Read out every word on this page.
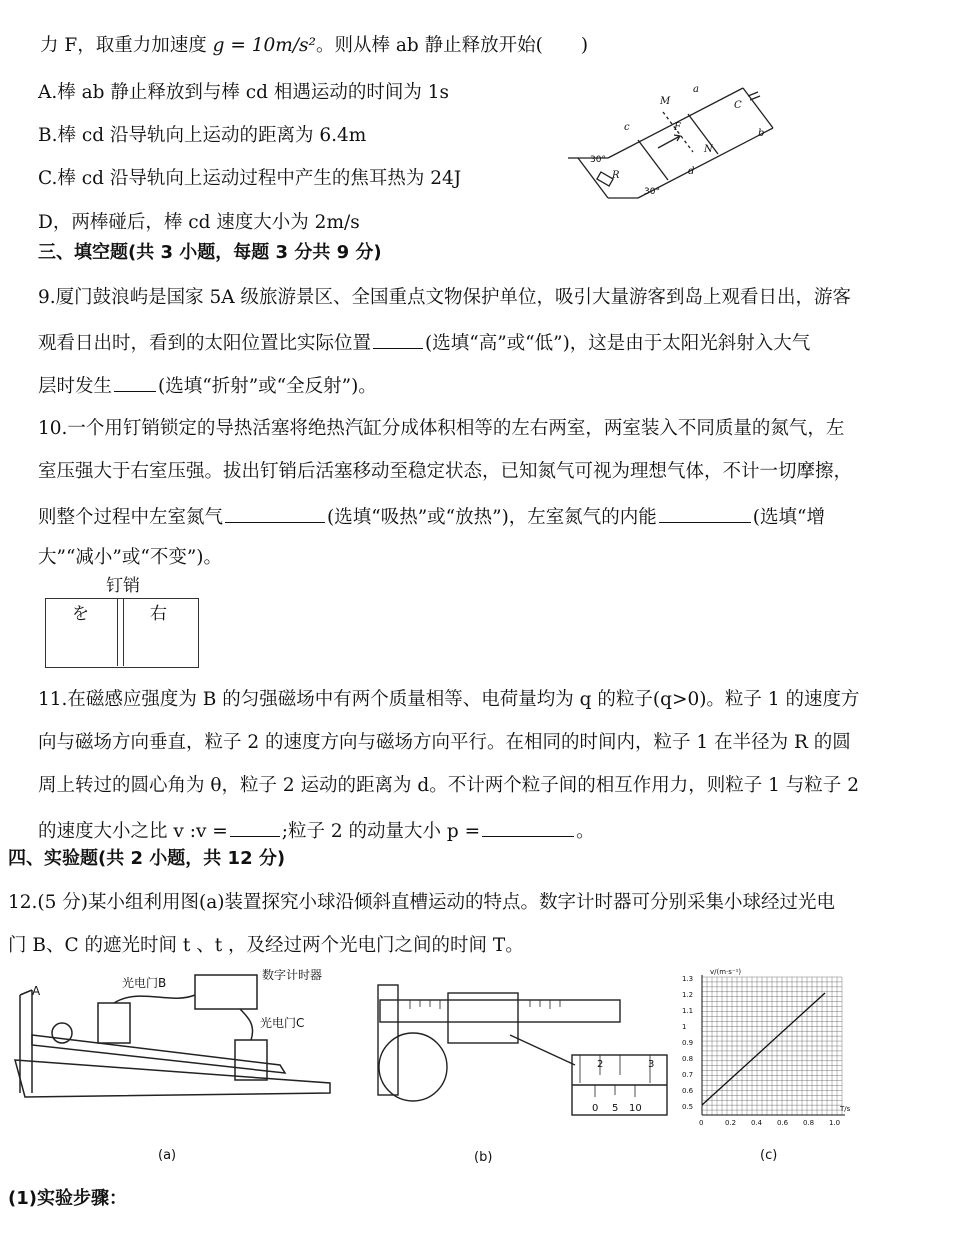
力 F，取重力加速度 g = 10m/s²。则从棒 ab 静止释放开始( )
A.棒 ab 静止释放到与棒 cd 相遇运动的时间为 1s
B.棒 cd 沿导轨向上运动的距离为 6.4m
C.棒 cd 沿导轨向上运动过程中产生的焦耳热为 24J
D，两棒碰后，棒 cd 速度大小为 2m/s
M
a
C
c	F
b
N
d
R
30°
30°
三、填空题(共 3 小题，每题 3 分共 9 分)
9.厦门鼓浪屿是国家 5A 级旅游景区、全国重点文物保护单位，吸引大量游客到岛上观看日出，游客
观看日出时，看到的太阳位置比实际位置	(选填“高”或“低”)，这是由于太阳光斜射入大气
层时发生 (选填“折射”或“全反射”)。
10.一个用钉销锁定的导热活塞将绝热汽缸分成体积相等的左右两室，两室装入不同质量的氮气，左
室压强大于右室压强。拔出钉销后活塞移动至稳定状态，已知氮气可视为理想气体，不计一切摩擦，
则整个过程中左室氮气	(选填“吸热”或“放热”)，左室氮气的内能	(选填“增
大”“减小”或“不变”)。
钉销
を	右
11.在磁感应强度为 B 的匀强磁场中有两个质量相等、电荷量均为 q 的粒子(q>0)。粒子 1 的速度方
向与磁场方向垂直，粒子 2 的速度方向与磁场方向平行。在相同的时间内，粒子 1 在半径为 R 的圆
周上转过的圆心角为 θ，粒子 2 运动的距离为 d。不计两个粒子间的相互作用力，则粒子 1 与粒子 2
的速度大小之比 v :v =	;粒子 2 的动量大小 p =	。
四、实验题(共 2 小题，共 12 分)
12.(5 分)某小组利用图(a)装置探究小球沿倾斜直槽运动的特点。数字计时器可分别采集小球经过光电
门 B、C 的遮光时间 t 、t ，及经过两个光电门之间的时间 T。
A
光电门B
数字计时器
光电门C
(a)
2	3
0 5 10
(b)
1.3
1.2
1.1
1
0.9
0.8
0.7
0.6
0.5
0	0.2 0.4 0.6 0.8 1.0
v/(m·s⁻¹)
T/s
(c)
(1)实验步骤：
